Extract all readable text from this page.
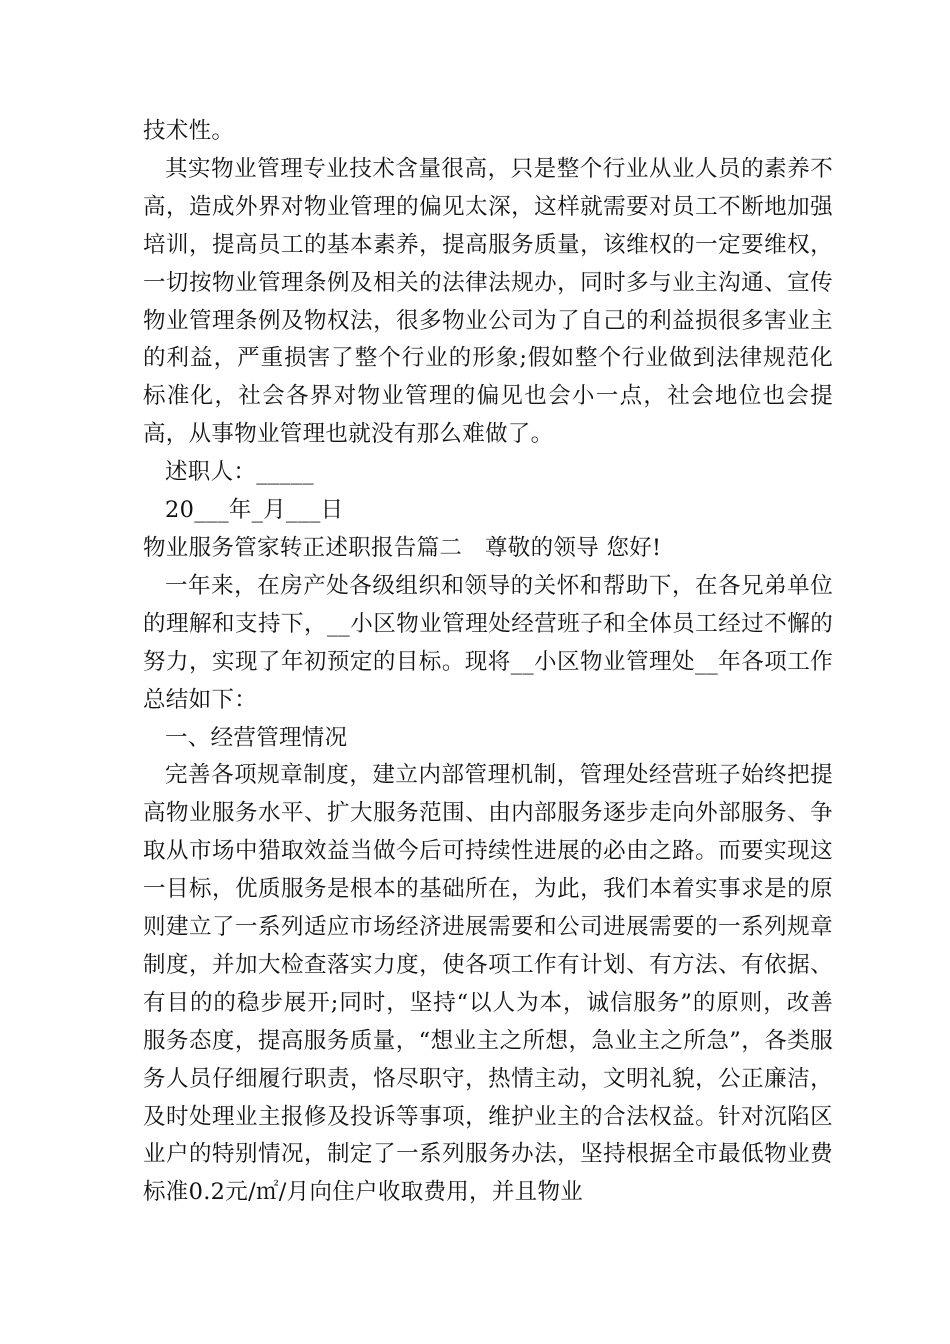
技术性。

其实物业管理专业技术含量很高，只是整个行业从业人员的素养不高，造成外界对物业管理的偏见太深，这样就需要对员工不断地加强培训，提高员工的基本素养，提高服务质量，该维权的一定要维权，一切按物业管理条例及相关的法律法规办，同时多与业主沟通、宣传物业管理条例及物权法，很多物业公司为了自己的利益损很多害业主的利益，严重损害了整个行业的形象;假如整个行业做到法律规范化标准化，社会各界对物业管理的偏见也会小一点，社会地位也会提高，从事物业管理也就没有那么难做了。

述职人：_____

20___年_月___日

物业服务管家转正述职报告篇二　尊敬的领导 您好!

一年来，在房产处各级组织和领导的关怀和帮助下，在各兄弟单位的理解和支持下，__小区物业管理处经营班子和全体员工经过不懈的努力，实现了年初预定的目标。现将__小区物业管理处__年各项工作总结如下：

一、经营管理情况

完善各项规章制度，建立内部管理机制，管理处经营班子始终把提高物业服务水平、扩大服务范围、由内部服务逐步走向外部服务、争取从市场中猎取效益当做今后可持续性进展的必由之路。而要实现这一目标，优质服务是根本的基础所在，为此，我们本着实事求是的原则建立了一系列适应市场经济进展需要和公司进展需要的一系列规章制度，并加大检查落实力度，使各项工作有计划、有方法、有依据、有目的的稳步展开;同时，坚持“以人为本，诚信服务”的原则，改善服务态度，提高服务质量，“想业主之所想，急业主之所急”，各类服务人员仔细履行职责，恪尽职守，热情主动，文明礼貌，公正廉洁，及时处理业主报修及投诉等事项，维护业主的合法权益。针对沉陷区业户的特别情况，制定了一系列服务办法，坚持根据全市最低物业费标准0.2元/㎡/月向住户收取费用，并且物业
